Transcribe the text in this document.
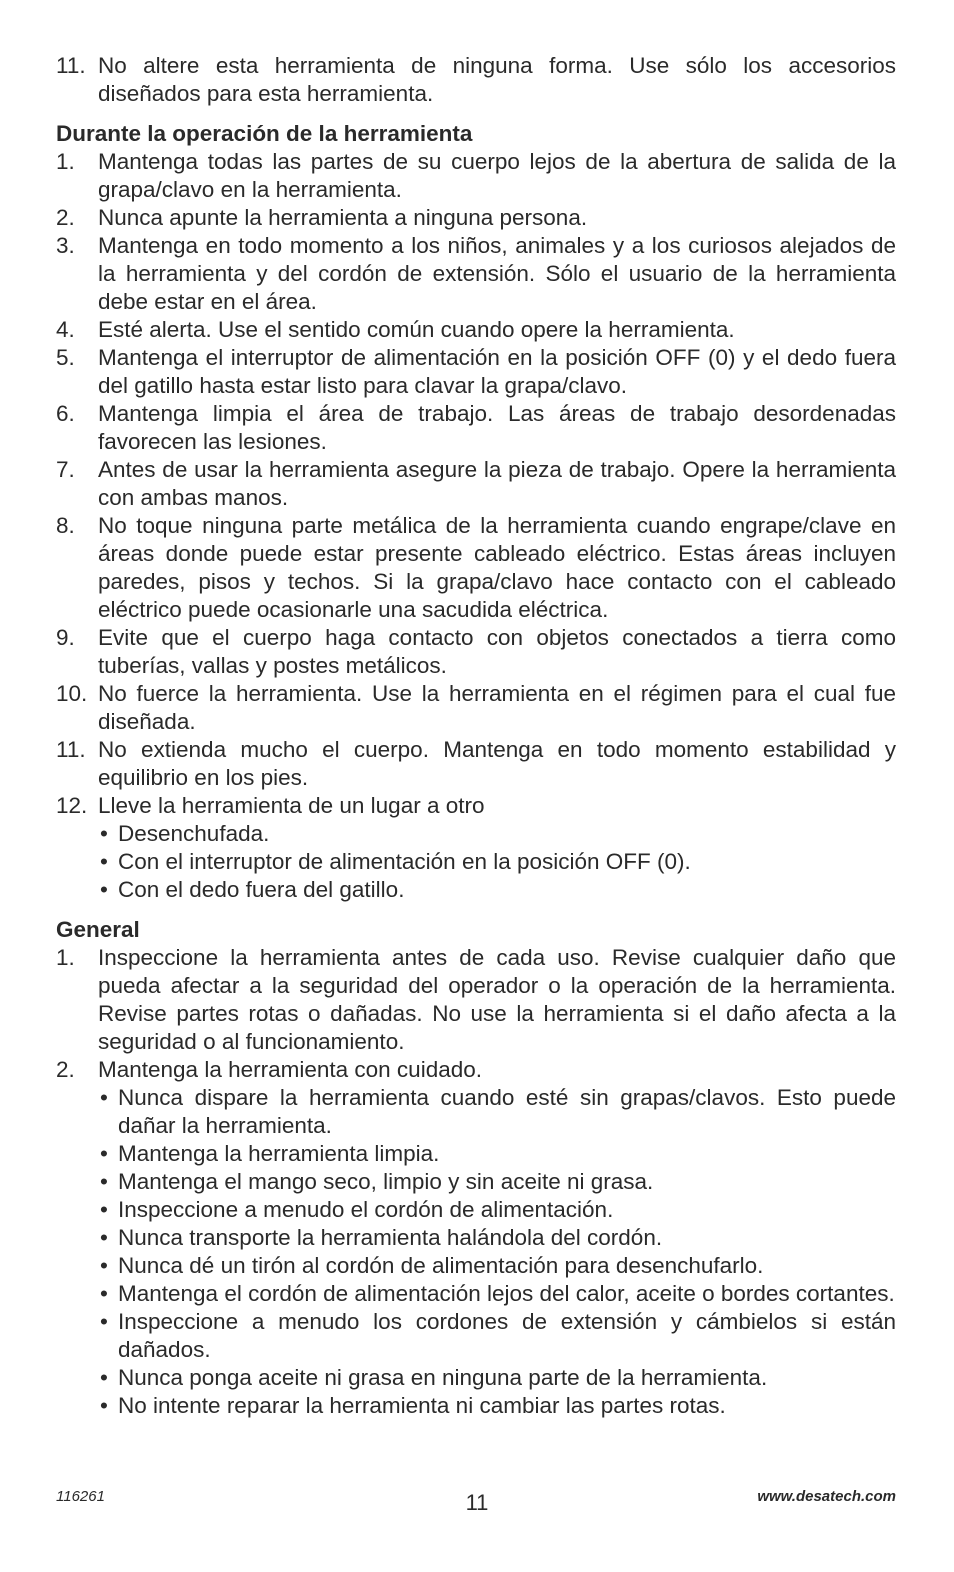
11. No altere esta herramienta de ninguna forma. Use sólo los accesorios diseñados para esta herramienta.
Durante la operación de la herramienta
1. Mantenga todas las partes de su cuerpo lejos de la abertura de salida de la grapa/clavo en la herramienta.
2. Nunca apunte la herramienta a ninguna persona.
3. Mantenga en todo momento a los niños, animales y a los curiosos alejados de la herramienta y del cordón de extensión. Sólo el usuario de la herramienta debe estar en el área.
4. Esté alerta. Use el sentido común cuando opere la herramienta.
5. Mantenga el interruptor de alimentación en la posición OFF (0) y el dedo fuera del gatillo hasta estar listo para clavar la grapa/clavo.
6. Mantenga limpia el área de trabajo. Las áreas de trabajo desordenadas favorecen las lesiones.
7. Antes de usar la herramienta asegure la pieza de trabajo. Opere la herramienta con ambas manos.
8. No toque ninguna parte metálica de la herramienta cuando engrape/clave en áreas donde puede estar presente cableado eléctrico. Estas áreas incluyen paredes, pisos y techos. Si la grapa/clavo hace contacto con el cableado eléctrico puede ocasionarle una sacudida eléctrica.
9. Evite que el cuerpo haga contacto con objetos conectados a tierra como tuberías, vallas y postes metálicos.
10. No fuerce la herramienta. Use la herramienta en el régimen para el cual fue diseñada.
11. No extienda mucho el cuerpo. Mantenga en todo momento estabilidad y equilibrio en los pies.
12. Lleve la herramienta de un lugar a otro
• Desenchufada.
• Con el interruptor de alimentación en la posición OFF (0).
• Con el dedo fuera del gatillo.
General
1. Inspeccione la herramienta antes de cada uso. Revise cualquier daño que pueda afectar a la seguridad del operador o la operación de la herramienta. Revise partes rotas o dañadas. No use la herramienta si el daño afecta a la seguridad o al funcionamiento.
2. Mantenga la herramienta con cuidado.
• Nunca dispare la herramienta cuando esté sin grapas/clavos. Esto puede dañar la herramienta.
• Mantenga la herramienta limpia.
• Mantenga el mango seco, limpio y sin aceite ni grasa.
• Inspeccione a menudo el cordón de alimentación.
• Nunca transporte la herramienta halándola del cordón.
• Nunca dé un tirón al cordón de alimentación para desenchufarlo.
• Mantenga el cordón de alimentación lejos del calor, aceite o bordes cortantes.
• Inspeccione a menudo los cordones de extensión y cámbielos si están dañados.
• Nunca ponga aceite ni grasa en ninguna parte de la herramienta.
• No intente reparar la herramienta ni cambiar las partes rotas.
116261	11	www.desatech.com
